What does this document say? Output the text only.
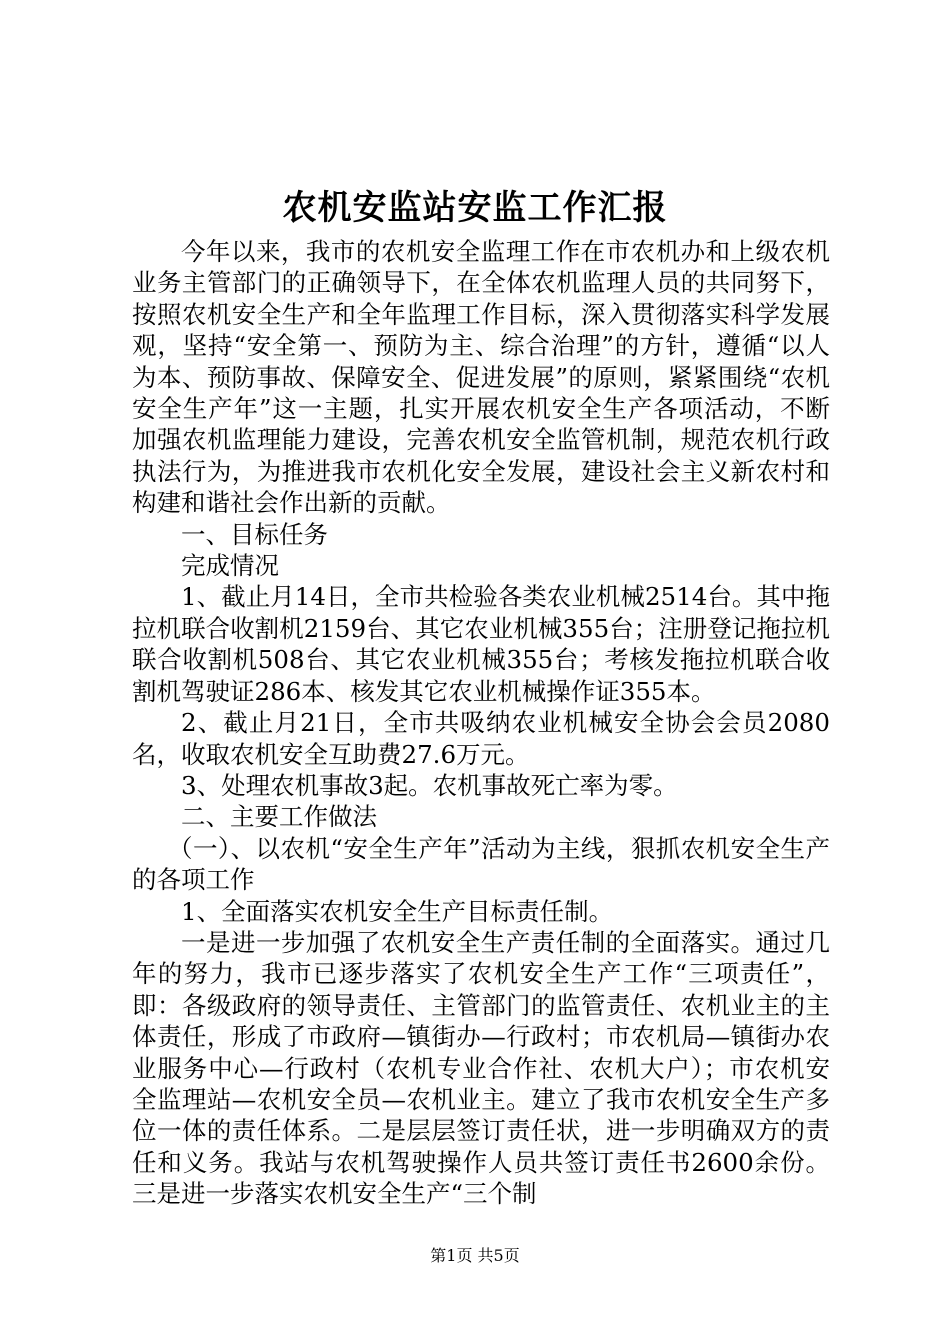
农机安监站安监工作汇报

今年以来，我市的农机安全监理工作在市农机办和上级农机业务主管部门的正确领导下，在全体农机监理人员的共同努下，按照农机安全生产和全年监理工作目标，深入贯彻落实科学发展观，坚持“安全第一、预防为主、综合治理”的方针，遵循“以人为本、预防事故、保障安全、促进发展”的原则，紧紧围绕“农机安全生产年”这一主题，扎实开展农机安全生产各项活动，不断加强农机监理能力建设，完善农机安全监管机制，规范农机行政执法行为，为推进我市农机化安全发展，建设社会主义新农村和构建和谐社会作出新的贡献。

一、目标任务

完成情况

1、截止月14日，全市共检验各类农业机械2514台。其中拖拉机联合收割机2159台、其它农业机械355台；注册登记拖拉机联合收割机508台、其它农业机械355台；考核发拖拉机联合收割机驾驶证286本、核发其它农业机械操作证355本。

2、截止月21日，全市共吸纳农业机械安全协会会员2080名，收取农机安全互助费27.6万元。

3、处理农机事故3起。农机事故死亡率为零。

二、主要工作做法

（一）、以农机“安全生产年”活动为主线，狠抓农机安全生产的各项工作

1、全面落实农机安全生产目标责任制。

一是进一步加强了农机安全生产责任制的全面落实。通过几年的努力，我市已逐步落实了农机安全生产工作“三项责任”，即：各级政府的领导责任、主管部门的监管责任、农机业主的主体责任，形成了市政府—镇街办—行政村；市农机局—镇街办农业服务中心—行政村（农机专业合作社、农机大户）；市农机安全监理站—农机安全员—农机业主。建立了我市农机安全生产多位一体的责任体系。二是层层签订责任状，进一步明确双方的责任和义务。我站与农机驾驶操作人员共签订责任书2600余份。三是进一步落实农机安全生产“三个制

第1页 共5页
